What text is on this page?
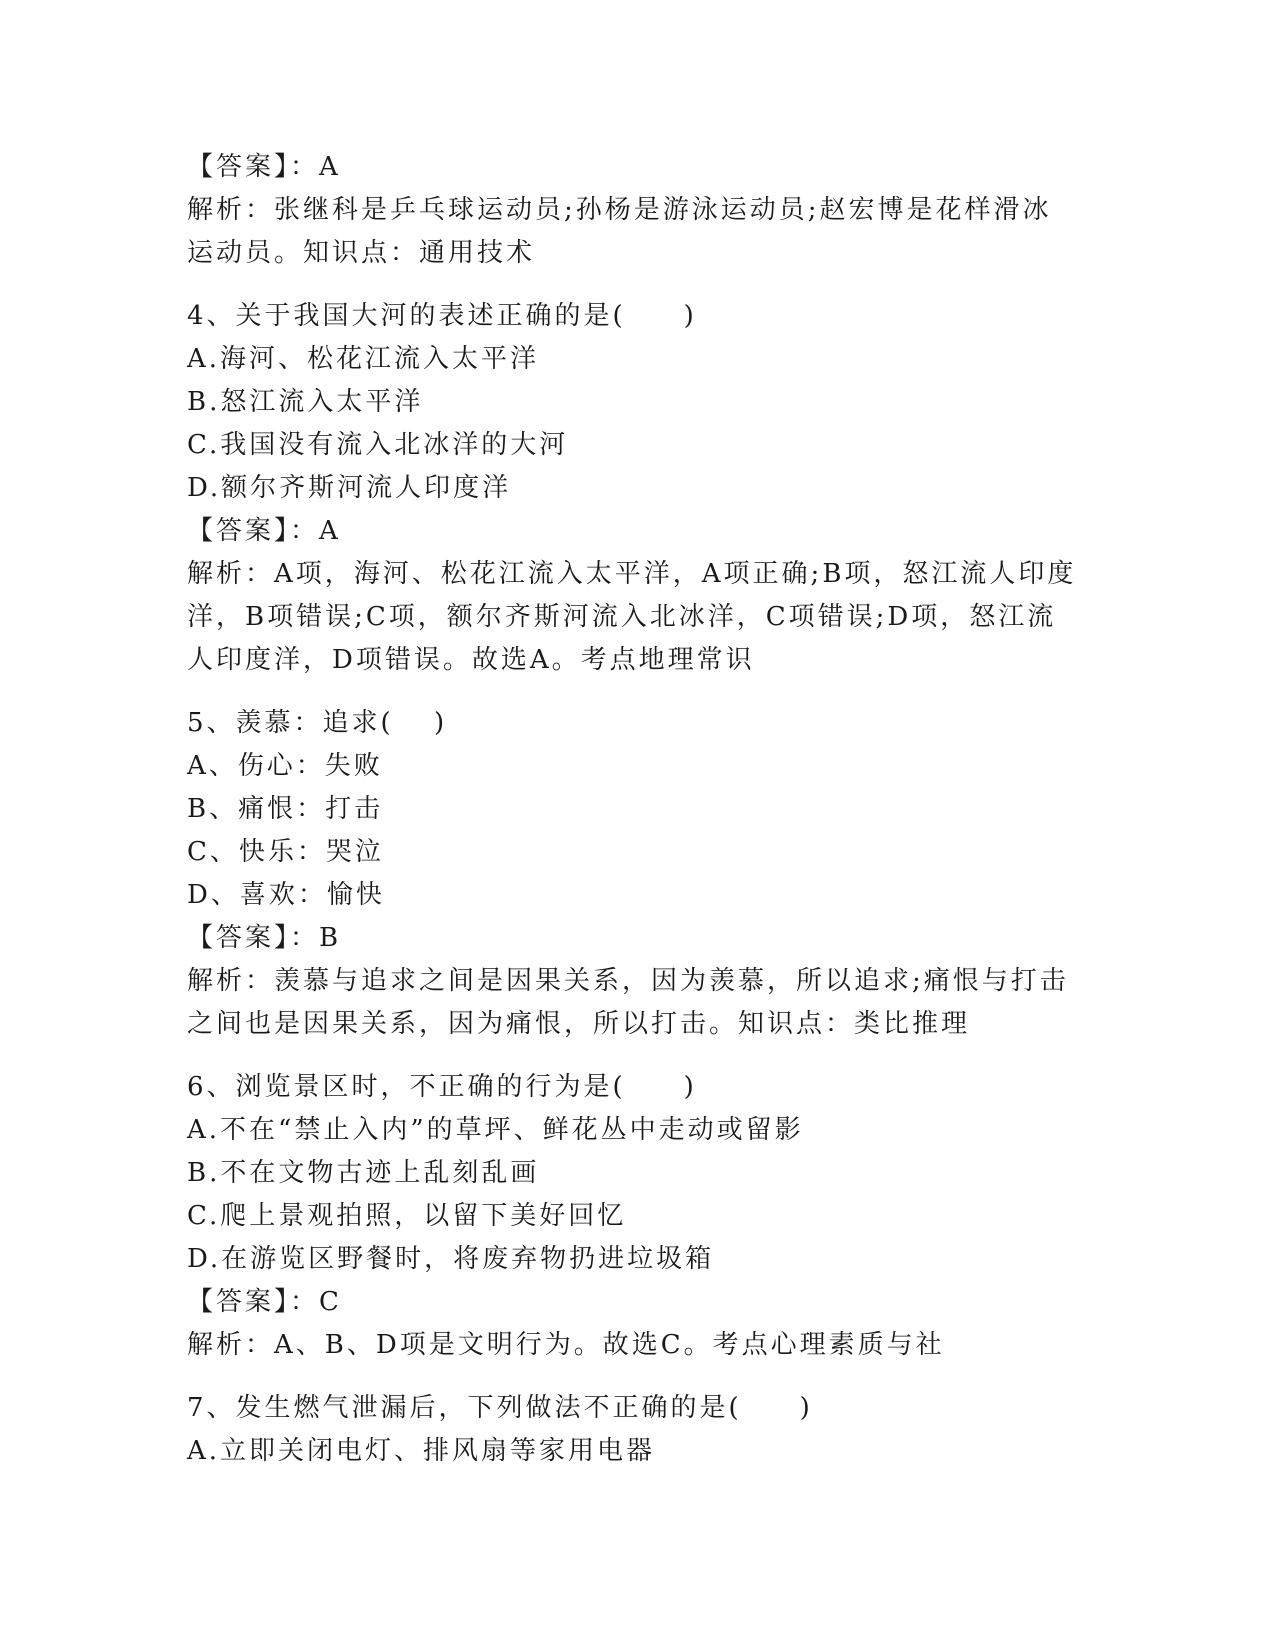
【答案】：A
解析：张继科是乒乓球运动员;孙杨是游泳运动员;赵宏博是花样滑冰
运动员。知识点：通用技术
4、关于我国大河的表述正确的是(　　)
A.海河、松花江流入太平洋
B.怒江流入太平洋
C.我国没有流入北冰洋的大河
D.额尔齐斯河流人印度洋
【答案】：A
解析：A项，海河、松花江流入太平洋，A项正确;B项，怒江流人印度
洋，B项错误;C项，额尔齐斯河流入北冰洋，C项错误;D项，怒江流
人印度洋，D项错误。故选A。考点地理常识
5、羡慕：追求(　 )
A、伤心：失败
B、痛恨：打击
C、快乐：哭泣
D、喜欢：愉快
【答案】：B
解析：羡慕与追求之间是因果关系，因为羡慕，所以追求;痛恨与打击
之间也是因果关系，因为痛恨，所以打击。知识点：类比推理
6、浏览景区时，不正确的行为是(　　)
A.不在“禁止入内”的草坪、鲜花丛中走动或留影
B.不在文物古迹上乱刻乱画
C.爬上景观拍照，以留下美好回忆
D.在游览区野餐时，将废弃物扔进垃圾箱
【答案】：C
解析：A、B、D项是文明行为。故选C。考点心理素质与社
7、发生燃气泄漏后，下列做法不正确的是(　　)
A.立即关闭电灯、排风扇等家用电器
